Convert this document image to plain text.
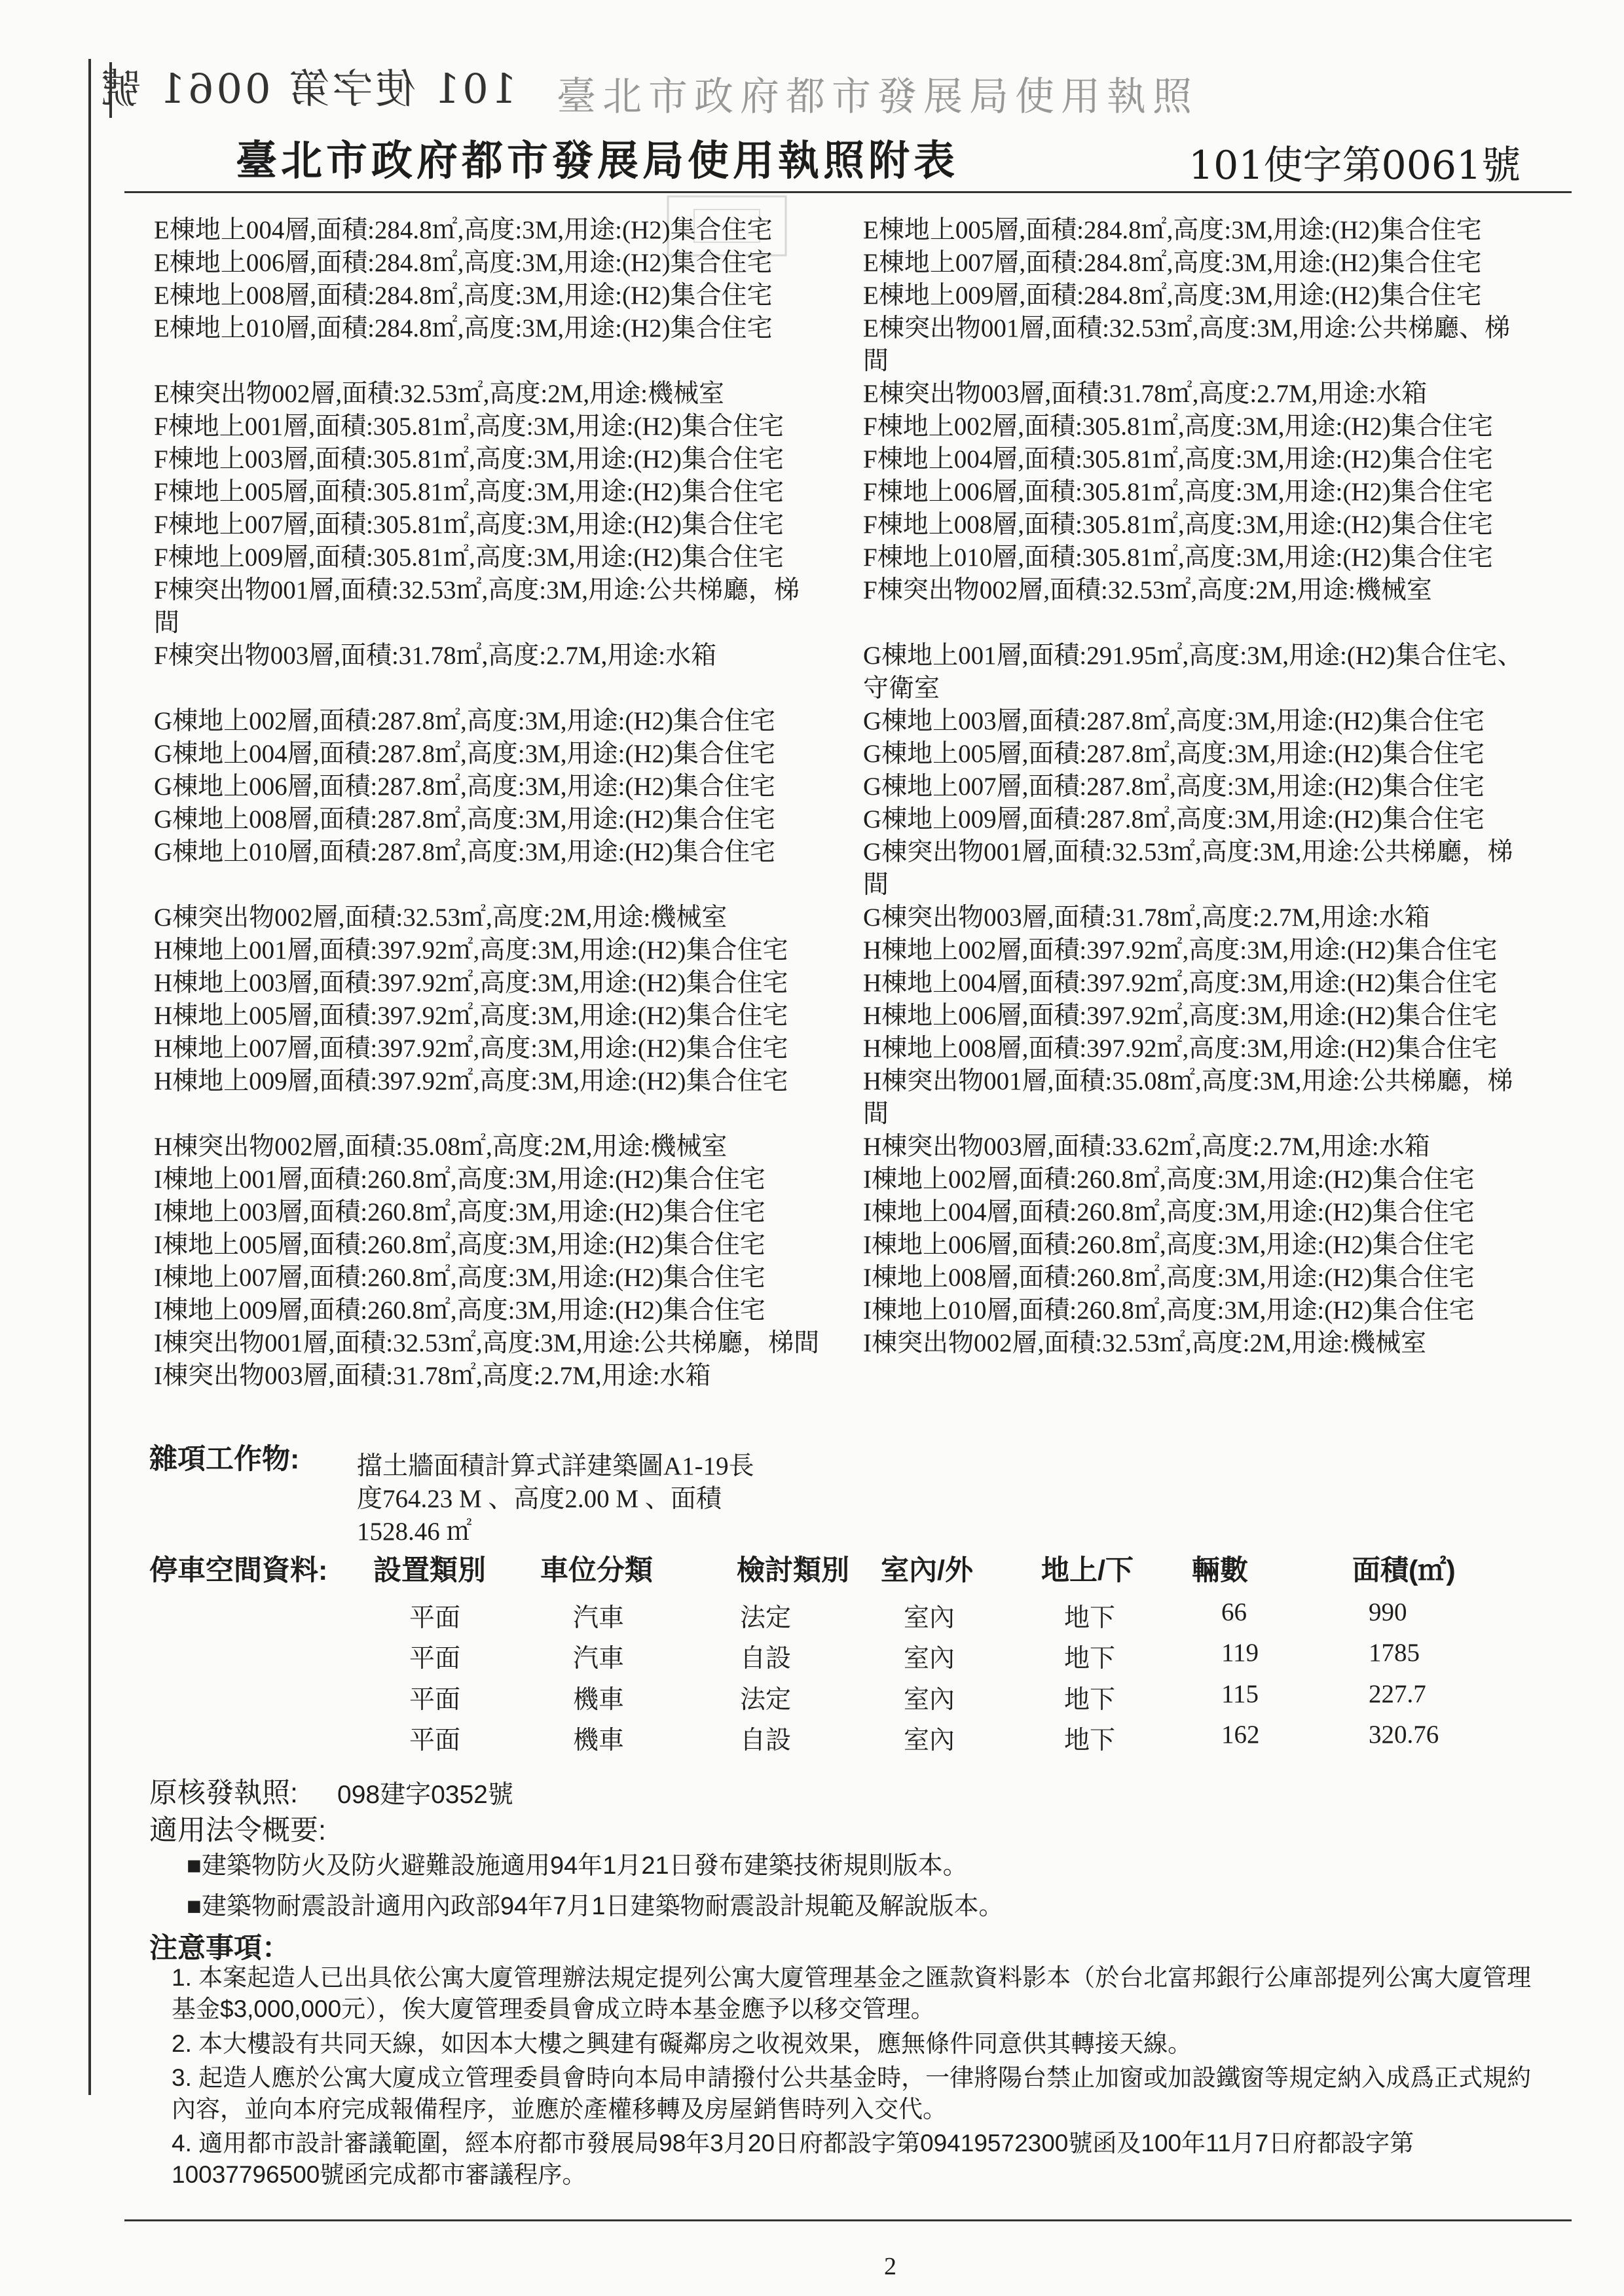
101 使字第 0061 號 臺北市政府都市發展局使用執照
臺北市政府都市發展局使用執照附表	101使字第0061號
E棟地上004層,面積:284.8㎡,高度:3M,用途:(H2)集合住宅
E棟地上006層,面積:284.8㎡,高度:3M,用途:(H2)集合住宅
E棟地上008層,面積:284.8㎡,高度:3M,用途:(H2)集合住宅
E棟地上010層,面積:284.8㎡,高度:3M,用途:(H2)集合住宅
E棟突出物002層,面積:32.53㎡,高度:2M,用途:機械室
F棟地上001層,面積:305.81㎡,高度:3M,用途:(H2)集合住宅
F棟地上003層,面積:305.81㎡,高度:3M,用途:(H2)集合住宅
F棟地上005層,面積:305.81㎡,高度:3M,用途:(H2)集合住宅
F棟地上007層,面積:305.81㎡,高度:3M,用途:(H2)集合住宅
F棟地上009層,面積:305.81㎡,高度:3M,用途:(H2)集合住宅
F棟突出物001層,面積:32.53㎡,高度:3M,用途:公共梯廳，梯
間
F棟突出物003層,面積:31.78㎡,高度:2.7M,用途:水箱
G棟地上002層,面積:287.8㎡,高度:3M,用途:(H2)集合住宅
G棟地上004層,面積:287.8㎡,高度:3M,用途:(H2)集合住宅
G棟地上006層,面積:287.8㎡,高度:3M,用途:(H2)集合住宅
G棟地上008層,面積:287.8㎡,高度:3M,用途:(H2)集合住宅
G棟地上010層,面積:287.8㎡,高度:3M,用途:(H2)集合住宅
G棟突出物002層,面積:32.53㎡,高度:2M,用途:機械室
H棟地上001層,面積:397.92㎡,高度:3M,用途:(H2)集合住宅
H棟地上003層,面積:397.92㎡,高度:3M,用途:(H2)集合住宅
H棟地上005層,面積:397.92㎡,高度:3M,用途:(H2)集合住宅
H棟地上007層,面積:397.92㎡,高度:3M,用途:(H2)集合住宅
H棟地上009層,面積:397.92㎡,高度:3M,用途:(H2)集合住宅
H棟突出物002層,面積:35.08㎡,高度:2M,用途:機械室
I棟地上001層,面積:260.8㎡,高度:3M,用途:(H2)集合住宅
I棟地上003層,面積:260.8㎡,高度:3M,用途:(H2)集合住宅
I棟地上005層,面積:260.8㎡,高度:3M,用途:(H2)集合住宅
I棟地上007層,面積:260.8㎡,高度:3M,用途:(H2)集合住宅
I棟地上009層,面積:260.8㎡,高度:3M,用途:(H2)集合住宅
I棟突出物001層,面積:32.53㎡,高度:3M,用途:公共梯廳，梯間
I棟突出物003層,面積:31.78㎡,高度:2.7M,用途:水箱
E棟地上005層,面積:284.8㎡,高度:3M,用途:(H2)集合住宅
E棟地上007層,面積:284.8㎡,高度:3M,用途:(H2)集合住宅
E棟地上009層,面積:284.8㎡,高度:3M,用途:(H2)集合住宅
E棟突出物001層,面積:32.53㎡,高度:3M,用途:公共梯廳、梯
間
E棟突出物003層,面積:31.78㎡,高度:2.7M,用途:水箱
F棟地上002層,面積:305.81㎡,高度:3M,用途:(H2)集合住宅
F棟地上004層,面積:305.81㎡,高度:3M,用途:(H2)集合住宅
F棟地上006層,面積:305.81㎡,高度:3M,用途:(H2)集合住宅
F棟地上008層,面積:305.81㎡,高度:3M,用途:(H2)集合住宅
F棟地上010層,面積:305.81㎡,高度:3M,用途:(H2)集合住宅
F棟突出物002層,面積:32.53㎡,高度:2M,用途:機械室
G棟地上001層,面積:291.95㎡,高度:3M,用途:(H2)集合住宅、
守衛室
G棟地上003層,面積:287.8㎡,高度:3M,用途:(H2)集合住宅
G棟地上005層,面積:287.8㎡,高度:3M,用途:(H2)集合住宅
G棟地上007層,面積:287.8㎡,高度:3M,用途:(H2)集合住宅
G棟地上009層,面積:287.8㎡,高度:3M,用途:(H2)集合住宅
G棟突出物001層,面積:32.53㎡,高度:3M,用途:公共梯廳，梯
間
G棟突出物003層,面積:31.78㎡,高度:2.7M,用途:水箱
H棟地上002層,面積:397.92㎡,高度:3M,用途:(H2)集合住宅
H棟地上004層,面積:397.92㎡,高度:3M,用途:(H2)集合住宅
H棟地上006層,面積:397.92㎡,高度:3M,用途:(H2)集合住宅
H棟地上008層,面積:397.92㎡,高度:3M,用途:(H2)集合住宅
H棟突出物001層,面積:35.08㎡,高度:3M,用途:公共梯廳，梯
間
H棟突出物003層,面積:33.62㎡,高度:2.7M,用途:水箱
I棟地上002層,面積:260.8㎡,高度:3M,用途:(H2)集合住宅
I棟地上004層,面積:260.8㎡,高度:3M,用途:(H2)集合住宅
I棟地上006層,面積:260.8㎡,高度:3M,用途:(H2)集合住宅
I棟地上008層,面積:260.8㎡,高度:3M,用途:(H2)集合住宅
I棟地上010層,面積:260.8㎡,高度:3M,用途:(H2)集合住宅
I棟突出物002層,面積:32.53㎡,高度:2M,用途:機械室
雜項工作物: 擋土牆面積計算式詳建築圖A1-19長度764.23 M 、高度2.00 M 、面積1528.46 ㎡
停車空間資料: 設置類別 車位分類	檢討類別 室內/外 地上/下 輛數	面積(㎡)
平面	汽車	法定	室內	地下	66	990
平面	汽車	自設	室內	地下	119	1785
平面	機車	法定	室內	地下	115	227.7
平面	機車	自設	室內	地下	162	320.76
原核發執照: 098建字0352號
適用法令概要:
■建築物防火及防火避難設施適用94年1月21日發布建築技術規則版本。
■建築物耐震設計適用內政部94年7月1日建築物耐震設計規範及解說版本。
注意事項：
1. 本案起造人已出具依公寓大廈管理辦法規定提列公寓大廈管理基金之匯款資料影本（於台北富邦銀行公庫部提列公寓大廈管理基金$3,000,000元），俟大廈管理委員會成立時本基金應予以移交管理。
2. 本大樓設有共同天線，如因本大樓之興建有礙鄰房之收視效果，應無條件同意供其轉接天線。
3. 起造人應於公寓大廈成立管理委員會時向本局申請撥付公共基金時，一律將陽台禁止加窗或加設鐵窗等規定納入成爲正式規約內容，並向本府完成報備程序，並應於產權移轉及房屋銷售時列入交代。
4. 適用都市設計審議範圍，經本府都市發展局98年3月20日府都設字第09419572300號函及100年11月7日府都設字第10037796500號函完成都市審議程序。
2
